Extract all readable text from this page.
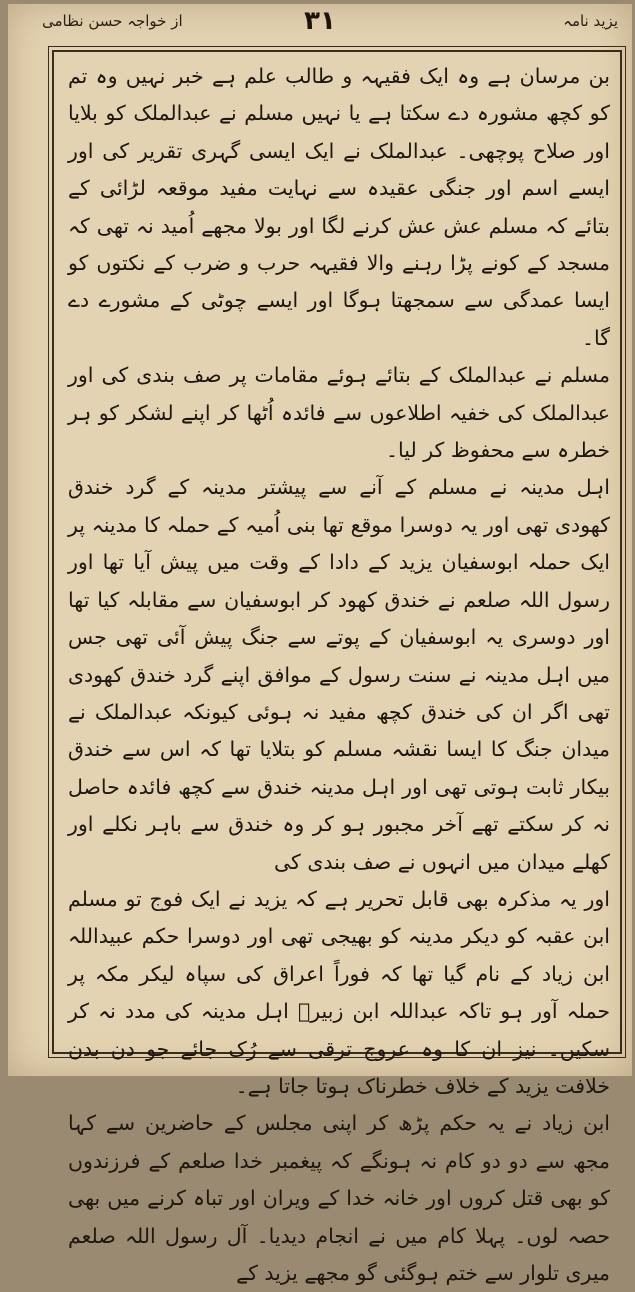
یزید نامہ
۳۱
از خواجہ حسن نظامی

بن مرسان ہے وہ ایک فقیہہ و طالب علم ہے خبر نہیں وہ تم کو کچھ مشورہ دے سکتا ہے یا نہیں مسلم نے عبدالملک کو بلایا اور صلاح پوچھی۔ عبدالملک نے ایک ایسی گہری تقریر کی اور ایسے اسم اور جنگی عقیدہ سے نہایت مفید موقعہ لڑائی کے بتائے کہ مسلم عش عش کرنے لگا اور بولا مجھے اُمید نہ تھی کہ مسجد کے کونے پڑا رہنے والا فقیہہ حرب و ضرب کے نکتوں کو ایسا عمدگی سے سمجھتا ہوگا اور ایسے چوٹی کے مشورے دے گا۔

مسلم نے عبدالملک کے بتائے ہوئے مقامات پر صف بندی کی اور عبدالملک کی خفیہ اطلاعوں سے فائدہ اُٹھا کر اپنے لشکر کو ہر خطرہ سے محفوظ کر لیا۔

اہل مدینہ نے مسلم کے آنے سے پیشتر مدینہ کے گرد خندق کھودی تھی اور یہ دوسرا موقع تھا بنی اُمیہ کے حملہ کا مدینہ پر ایک حملہ ابوسفیان یزید کے دادا کے وقت میں پیش آیا تھا اور رسول اللہ صلعم نے خندق کھود کر ابوسفیان سے مقابلہ کیا تھا اور دوسری یہ ابوسفیان کے پوتے سے جنگ پیش آئی تھی جس میں اہل مدینہ نے سنت رسول کے موافق اپنے گرد خندق کھودی تھی اگر ان کی خندق کچھ مفید نہ ہوئی کیونکہ عبدالملک نے میدان جنگ کا ایسا نقشہ مسلم کو بتلایا تھا کہ اس سے خندق بیکار ثابت ہوتی تھی اور اہل مدینہ خندق سے کچھ فائدہ حاصل نہ کر سکتے تھے آخر مجبور ہو کر وہ خندق سے باہر نکلے اور کھلے میدان میں انہوں نے صف بندی کی

اور یہ مذکرہ بھی قابل تحریر ہے کہ یزید نے ایک فوج تو مسلم ابن عقبہ کو دیکر مدینہ کو بھیجی تھی اور دوسرا حکم عبیداللہ ابن زیاد کے نام گیا تھا کہ فوراً اعراق کی سپاہ لیکر مکہ پر حملہ آور ہو تاکہ عبداللہ ابن زبیرؓ اہل مدینہ کی مدد نہ کر سکیں۔ نیز ان کا وہ عروج ترقی سے رُک جائے جو دن بدن خلافت یزید کے خلاف خطرناک ہوتا جاتا ہے۔

ابن زیاد نے یہ حکم پڑھ کر اپنی مجلس کے حاضرین سے کہا مجھ سے دو دو کام نہ ہونگے کہ پیغمبر خدا صلعم کے فرزندوں کو بھی قتل کروں اور خانہ خدا کے ویران اور تباہ کرنے میں بھی حصہ لوں۔ پہلا کام میں نے انجام دیدیا۔ آل رسول اللہ صلعم میری تلوار سے ختم ہوگئی گو مجھے یزید کے
